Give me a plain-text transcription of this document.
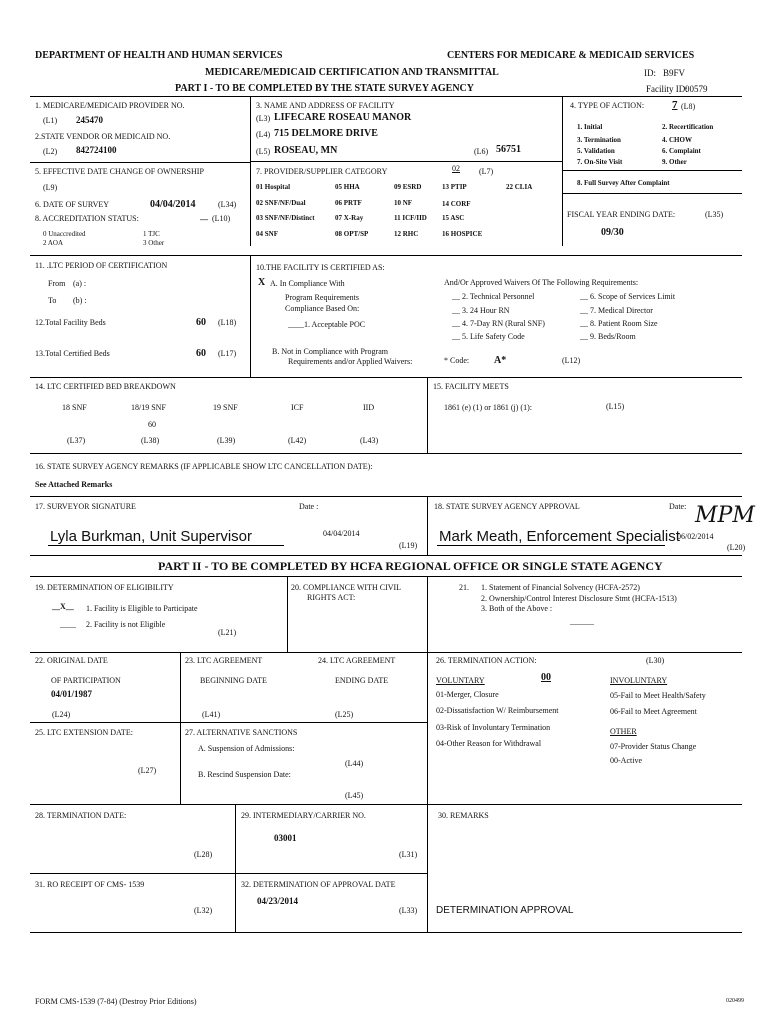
DEPARTMENT OF HEALTH AND HUMAN SERVICES	CENTERS FOR MEDICARE & MEDICAID SERVICES
MEDICARE/MEDICAID CERTIFICATION AND TRANSMITTAL	ID: B9FV
PART I - TO BE COMPLETED BY THE STATE SURVEY AGENCY	Facility ID:
00579
1. MEDICARE/MEDICAID PROVIDER NO.
(L1) 245470
2.STATE VENDOR OR MEDICAID NO.
(L2) 842724100
3. NAME AND ADDRESS OF FACILITY
(L3) LIFECARE ROSEAU MANOR
(L4) 715 DELMORE DRIVE
(L5) ROSEAU, MN	(L6) 56751
4. TYPE OF ACTION:	7 (L8)
1. Initial	2. Recertification
3. Termination	4. CHOW
5. Validation	6. Complaint
7. On-Site Visit	9. Other
8. Full Survey After Complaint
FISCAL YEAR ENDING DATE:	(L35)
09/30
5. EFFECTIVE DATE CHANGE OF OWNERSHIP
(L9)
6. DATE OF SURVEY	04/04/2014	(L34)
8. ACCREDITATION STATUS:	__ (L10)
0 Unaccredited	1 TJC
2 AOA	3 Other
7. PROVIDER/SUPPLIER CATEGORY	02 (L7)
01 Hospital	05 HHA	09 ESRD	13 PTIP	22 CLIA
02 SNF/NF/Dual	06 PRTF	10 NF	14 CORF
03 SNF/NF/Distinct	07 X-Ray	11 ICF/IID 15 ASC
04 SNF	08 OPT/SP	12 RHC	16 HOSPICE
11. .LTC PERIOD OF CERTIFICATION
From (a) :
To (b) :
12.Total Facility Beds	60 (L18)
13.Total Certified Beds	60 (L17)
10.THE FACILITY IS CERTIFIED AS:
X A. In Compliance With
Program Requirements
Compliance Based On:
____1. Acceptable POC
B. Not in Compliance with Program
Requirements and/or Applied Waivers:	* Code: A*	(L12)
And/Or Approved Waivers Of The Following Requirements:
__ 2. Technical Personnel	__ 6. Scope of Services Limit
__ 3. 24 Hour RN	__ 7. Medical Director
__ 4. 7-Day RN (Rural SNF)	__ 8. Patient Room Size
__ 5. Life Safety Code	__ 9. Beds/Room
14. LTC CERTIFIED BED BREAKDOWN
18 SNF	18/19 SNF	19 SNF	ICF	IID
60
(L37)	(L38)	(L39)	(L42)	(L43)
15. FACILITY MEETS
1861 (e) (1) or 1861 (j) (1):	(L15)
16. STATE SURVEY AGENCY REMARKS (IF APPLICABLE SHOW LTC CANCELLATION DATE):
See Attached Remarks
17. SURVEYOR SIGNATURE	Date :
Lyla Burkman, Unit Supervisor	04/04/2014
(L19)
18. STATE SURVEY AGENCY APPROVAL	Date: MPM
Mark Meath, Enforcement Specialist
06/02/2014
(L20)
PART II - TO BE COMPLETED BY HCFA REGIONAL OFFICE OR SINGLE STATE AGENCY
19. DETERMINATION OF ELIGIBILITY
__X__ 1. Facility is Eligible to Participate
____ 2. Facility is not Eligible
(L21)
20. COMPLIANCE WITH CIVIL
RIGHTS ACT:
21. 1. Statement of Financial Solvency (HCFA-2572)
2. Ownership/Control Interest Disclosure Stmt (HCFA-1513)
3. Both of the Above :
______
22. ORIGINAL DATE
OF PARTICIPATION
04/01/1987
(L24)
23. LTC AGREEMENT
BEGINNING DATE
(L41)
24. LTC AGREEMENT
ENDING DATE
(L25)
25. LTC EXTENSION DATE:
(L27)
27. ALTERNATIVE SANCTIONS
A. Suspension of Admissions:
(L44)
B. Rescind Suspension Date:
(L45)
26. TERMINATION ACTION:	(L30)
VOLUNTARY	00	INVOLUNTARY
01-Merger, Closure	05-Fail to Meet Health/Safety
02-Dissatisfaction W/ Reimbursement	06-Fail to Meet Agreement
03-Risk of Involuntary Termination	OTHER
04-Other Reason for Withdrawal	07-Provider Status Change
00-Active
28. TERMINATION DATE:
(L28)
29. INTERMEDIARY/CARRIER NO.
03001
(L31)
30. REMARKS
31. RO RECEIPT OF CMS- 1539
(L32)
32. DETERMINATION OF APPROVAL DATE
04/23/2014
(L33) DETERMINATION APPROVAL
FORM CMS-1539 (7-84) (Destroy Prior Editions)	020499
